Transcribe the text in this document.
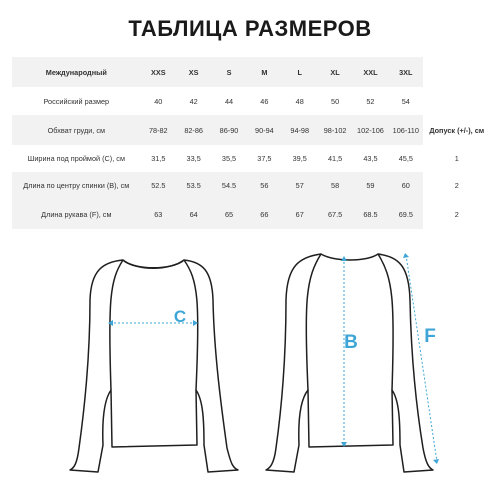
ТАБЛИЦА РАЗМЕРОВ
Международный	XXS	XS	S	M	L	XL	XXL	3XL	
Российский размер	40	42	44	46	48	50	52	54	
Обхват груди, см	78-82	82-86	86-90	90-94	94-98	98-102	102-106	106-110	Допуск (+/-), см
Ширина под проймой (C), см	31,5	33,5	35,5	37,5	39,5	41,5	43,5	45,5	1
Длина по центру спинки (B), см	52.5	53.5	54.5	56	57	58	59	60	2
Длина рукава (F), см	63	64	65	66	67	67.5	68.5	69.5	2
C
B	F
